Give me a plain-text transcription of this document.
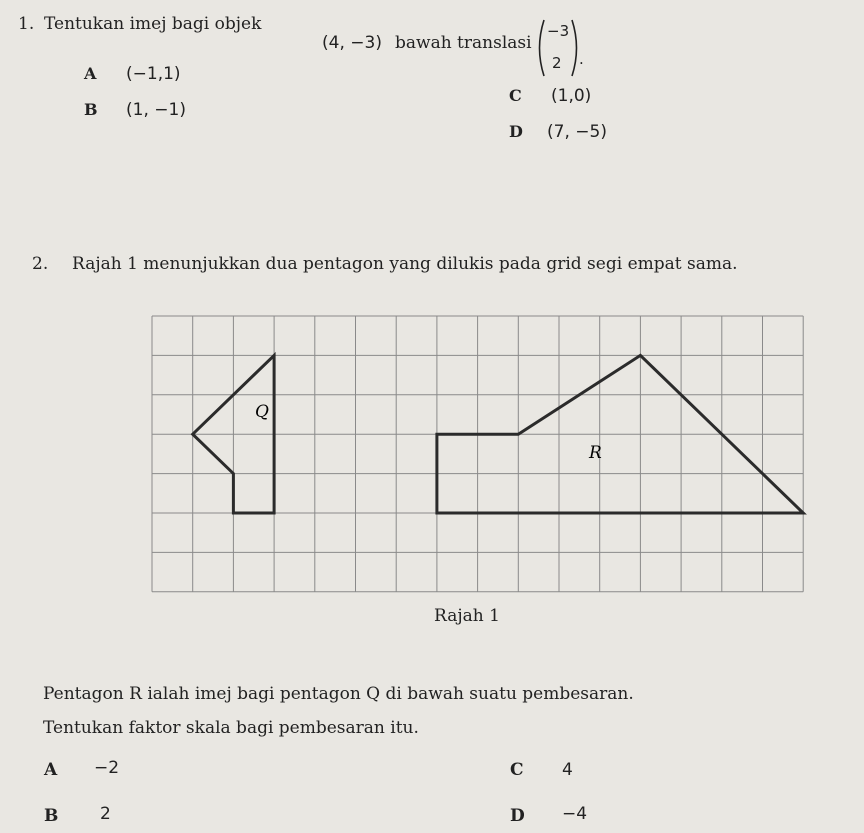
1. Tentukan imej bagi objek
(4, −3) bawah translasi
−3
2 .
A (−1,1)
B (1, −1)
C (1,0)
D (7, −5)
2. Rajah 1 menunjukkan dua pentagon yang dilukis pada grid segi empat sama.
Q
R
Rajah 1
Pentagon R ialah imej bagi pentagon Q di bawah suatu pembesaran.
Tentukan faktor skala bagi pembesaran itu.
A −2
B 2
C 4
D −4
